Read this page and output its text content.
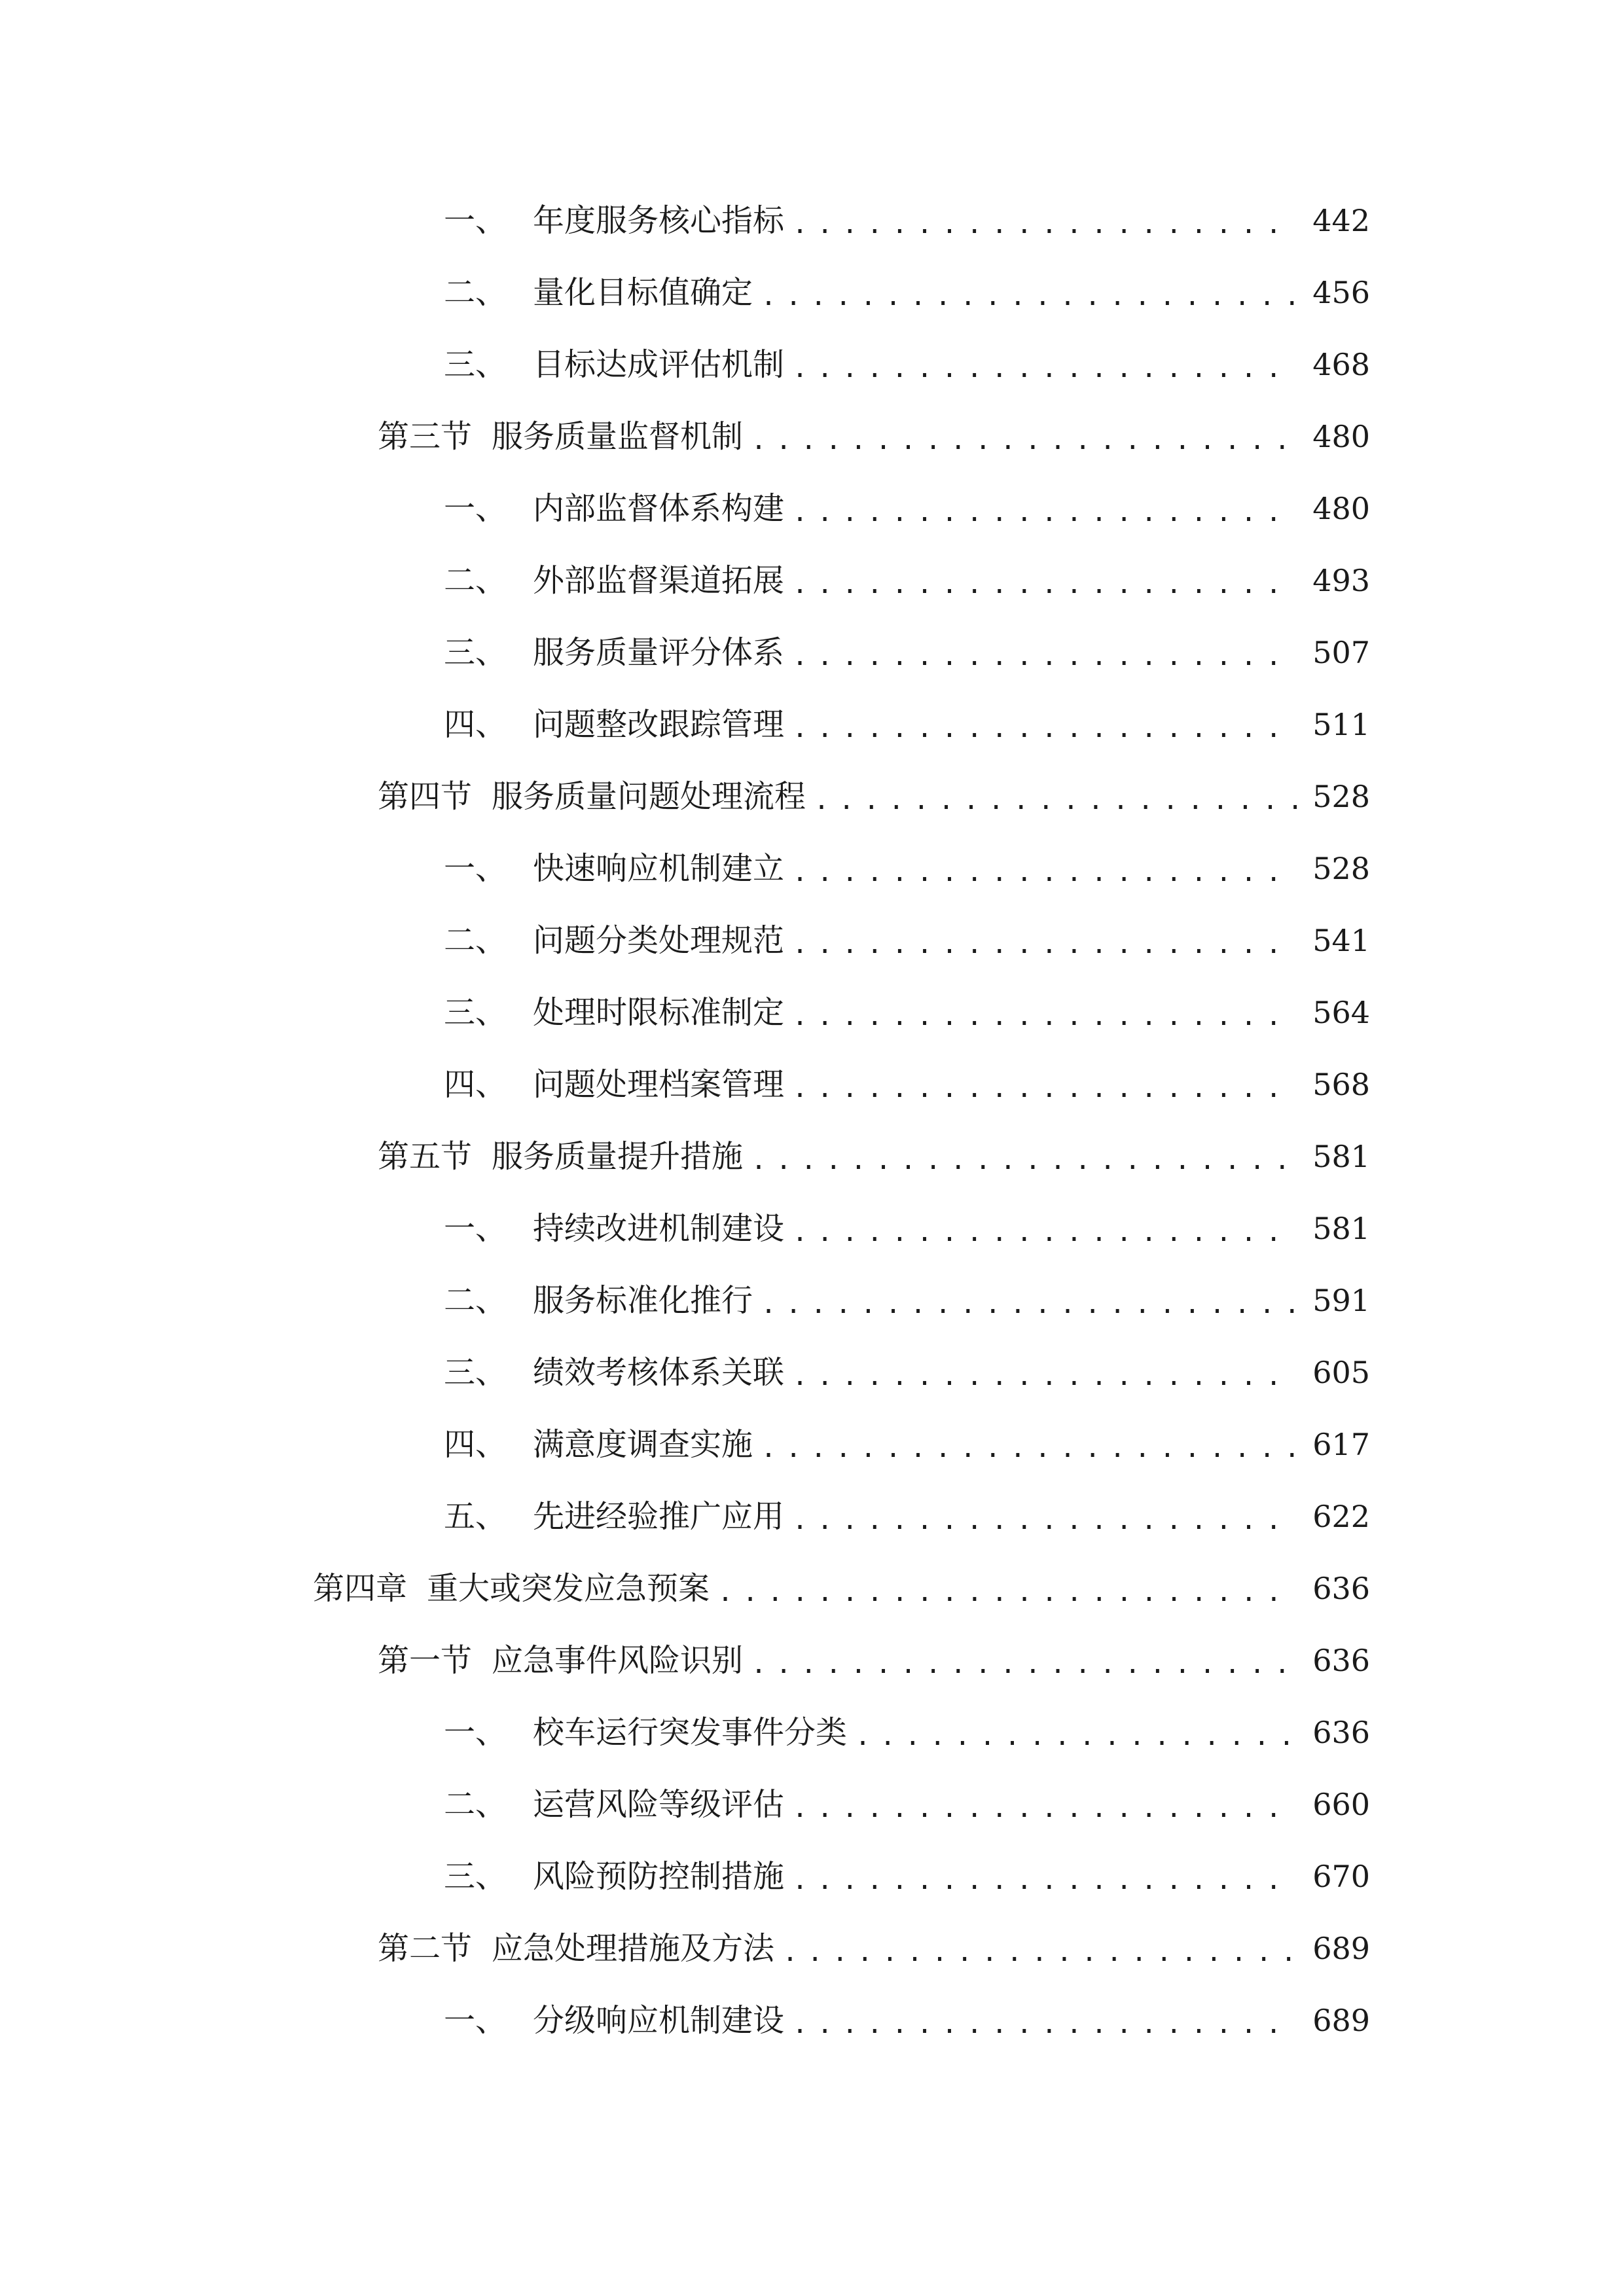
一、 年度服务核心指标 .....	442
二、 量化目标值确定 .....	456
三、 目标达成评估机制 .....	468
第三节 服务质量监督机制 .....	480
一、 内部监督体系构建 .....	480
二、 外部监督渠道拓展 .....	493
三、 服务质量评分体系 .....	507
四、 问题整改跟踪管理 .....	511
第四节 服务质量问题处理流程 .....	528
一、 快速响应机制建立 .....	528
二、 问题分类处理规范 .....	541
三、 处理时限标准制定 .....	564
四、 问题处理档案管理 .....	568
第五节 服务质量提升措施 .....	581
一、 持续改进机制建设 .....	581
二、 服务标准化推行 .....	591
三、 绩效考核体系关联 .....	605
四、 满意度调查实施 .....	617
五、 先进经验推广应用 .....	622
第四章 重大或突发应急预案 .....	636
第一节 应急事件风险识别 .....	636
一、 校车运行突发事件分类 .....	636
二、 运营风险等级评估 .....	660
三、 风险预防控制措施 .....	670
第二节 应急处理措施及方法 .....	689
一、 分级响应机制建设 .....	689
